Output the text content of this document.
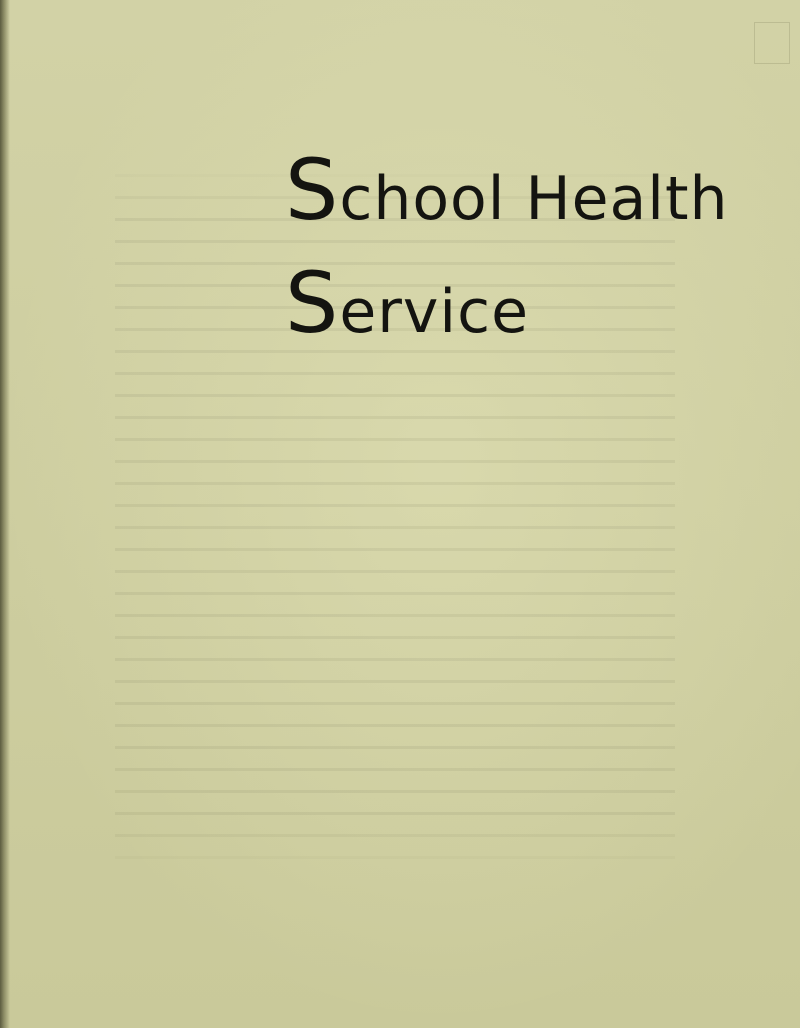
School Health
Service
